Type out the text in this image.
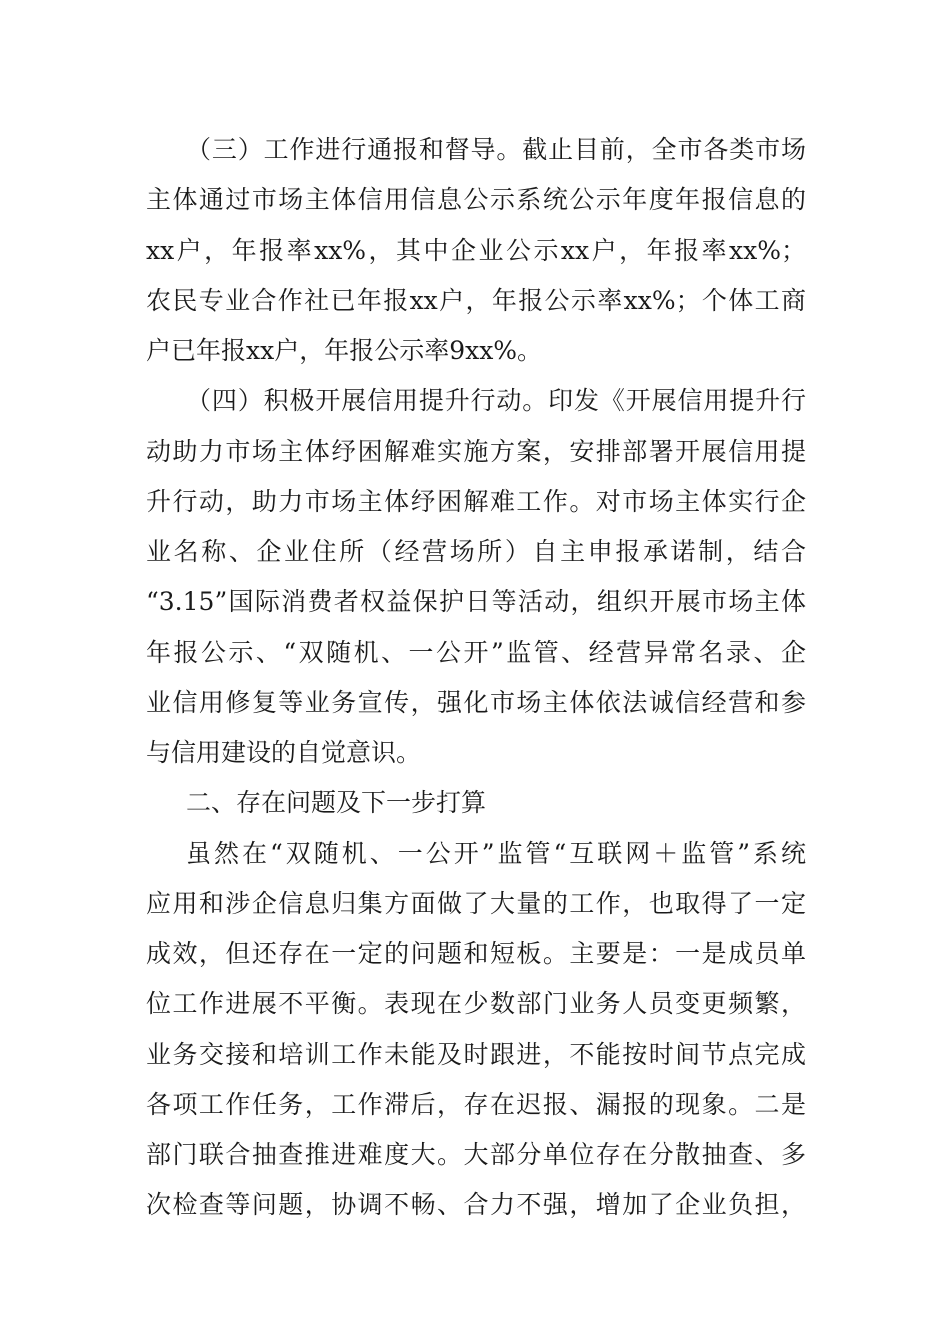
（三）工作进行通报和督导。截止目前，全市各类市场
主体通过市场主体信用信息公示系统公示年度年报信息的
xx户，年报率xx%，其中企业公示xx户，年报率xx%；
农民专业合作社已年报xx户，年报公示率xx%；个体工商
户已年报xx户，年报公示率9xx%。
（四）积极开展信用提升行动。印发《开展信用提升行
动助力市场主体纾困解难实施方案，安排部署开展信用提
升行动，助力市场主体纾困解难工作。对市场主体实行企
业名称、企业住所（经营场所）自主申报承诺制，结合
“3.15”国际消费者权益保护日等活动，组织开展市场主体
年报公示、“双随机、一公开”监管、经营异常名录、企
业信用修复等业务宣传，强化市场主体依法诚信经营和参
与信用建设的自觉意识。
二、存在问题及下一步打算
虽然在“双随机、一公开”监管“互联网＋监管”系统
应用和涉企信息归集方面做了大量的工作，也取得了一定
成效，但还存在一定的问题和短板。主要是：一是成员单
位工作进展不平衡。表现在少数部门业务人员变更频繁，
业务交接和培训工作未能及时跟进，不能按时间节点完成
各项工作任务，工作滞后，存在迟报、漏报的现象。二是
部门联合抽查推进难度大。大部分单位存在分散抽查、多
次检查等问题，协调不畅、合力不强，增加了企业负担，
